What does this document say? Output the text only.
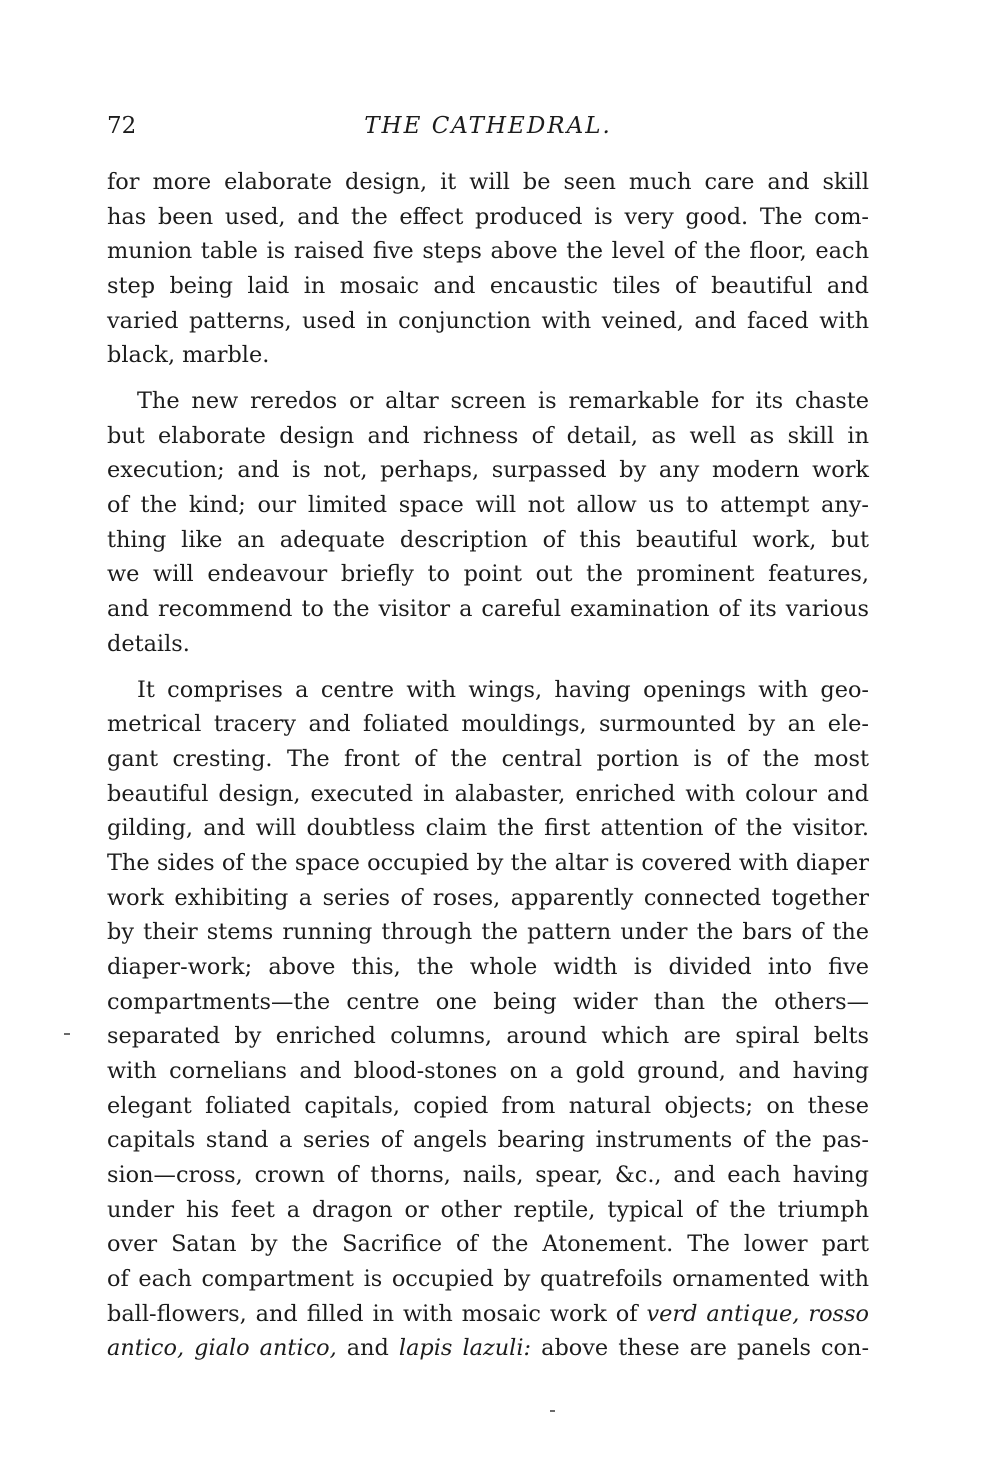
72	THE CATHEDRAL.
for more elaborate design, it will be seen much care and skill
has been used, and the effect produced is very good. The com-
munion table is raised five steps above the level of the floor, each
step being laid in mosaic and encaustic tiles of beautiful and
varied patterns, used in conjunction with veined, and faced with
black, marble.
The new reredos or altar screen is remarkable for its chaste
but elaborate design and richness of detail, as well as skill in
execution; and is not, perhaps, surpassed by any modern work
of the kind; our limited space will not allow us to attempt any-
thing like an adequate description of this beautiful work, but
we will endeavour briefly to point out the prominent features,
and recommend to the visitor a careful examination of its various
details.
It comprises a centre with wings, having openings with geo-
metrical tracery and foliated mouldings, surmounted by an ele-
gant cresting. The front of the central portion is of the most
beautiful design, executed in alabaster, enriched with colour and
gilding, and will doubtless claim the first attention of the visitor.
The sides of the space occupied by the altar is covered with diaper
work exhibiting a series of roses, apparently connected together
by their stems running through the pattern under the bars of the
diaper-work; above this, the whole width is divided into five
compartments—the centre one being wider than the others—
separated by enriched columns, around which are spiral belts
with cornelians and blood-stones on a gold ground, and having
elegant foliated capitals, copied from natural objects; on these
capitals stand a series of angels bearing instruments of the pas-
sion—cross, crown of thorns, nails, spear, &c., and each having
under his feet a dragon or other reptile, typical of the triumph
over Satan by the Sacrifice of the Atonement. The lower part
of each compartment is occupied by quatrefoils ornamented with
ball-flowers, and filled in with mosaic work of verd antique, rosso
antico, gialo antico, and lapis lazuli: above these are panels con-
